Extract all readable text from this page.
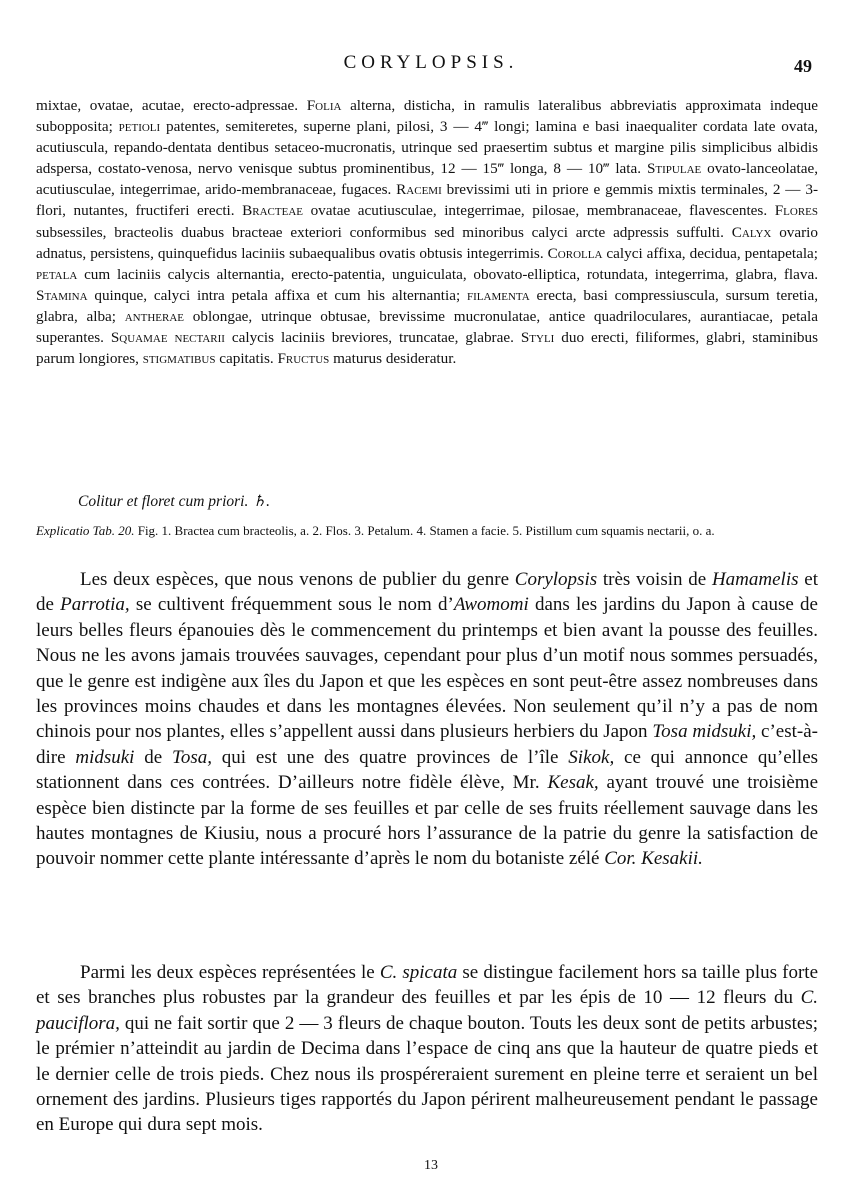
CORYLOPSIS.	49

mixtae, ovatae, acutae, erecto-adpressae. Folia alterna, disticha, in ramulis lateralibus abbreviatis approximata indeque subopposita; petioli patentes, semiteretes, superne plani, pilosi, 3 — 4‴ longi; lamina e basi inaequaliter cordata late ovata, acutiuscula, repando-dentata dentibus setaceo-mucronatis, utrinque sed praesertim subtus et margine pilis simplicibus albidis adspersa, costato-venosa, nervo venisque subtus prominentibus, 12 — 15‴ longa, 8 — 10‴ lata. Stipulae ovato-lanceolatae, acutiusculae, integerrimae, arido-membranaceae, fugaces. Racemi brevissimi uti in priore e gemmis mixtis terminales, 2 — 3-flori, nutantes, fructiferi erecti. Bracteae ovatae acutiusculae, integerrimae, pilosae, membranaceae, flavescentes. Flores subsessiles, bracteolis duabus bracteae exteriori conformibus sed minoribus calyci arcte adpressis suffulti. Calyx ovario adnatus, persistens, quinquefidus laciniis subaequalibus ovatis obtusis integerrimis. Corolla calyci affixa, decidua, pentapetala; petala cum laciniis calycis alternantia, erecto-patentia, unguiculata, obovato-elliptica, rotundata, integerrima, glabra, flava. Stamina quinque, calyci intra petala affixa et cum his alternantia; filamenta erecta, basi compressiuscula, sursum teretia, glabra, alba; antherae oblongae, utrinque obtusae, brevissime mucronulatae, antice quadriloculares, aurantiacae, petala superantes. Squamae nectarii calycis laciniis breviores, truncatae, glabrae. Styli duo erecti, filiformes, glabri, staminibus parum longiores, stigmatibus capitatis. Fructus maturus desideratur.

Colitur et floret cum priori. ♄.

Explicatio Tab. 20. Fig. 1. Bractea cum bracteolis, a. 2. Flos. 3. Petalum. 4. Stamen a facie. 5. Pistillum cum squamis nectarii, o. a.

Les deux espèces, que nous venons de publier du genre Corylopsis très voisin de Hamamelis et de Parrotia, se cultivent fréquemment sous le nom d’Awomomi dans les jardins du Japon à cause de leurs belles fleurs épanouies dès le commencement du printemps et bien avant la pousse des feuilles. Nous ne les avons jamais trouvées sauvages, cependant pour plus d’un motif nous sommes persuadés, que le genre est indigène aux îles du Japon et que les espèces en sont peut-être assez nombreuses dans les provinces moins chaudes et dans les montagnes élevées. Non seulement qu’il n’y a pas de nom chinois pour nos plantes, elles s’appellent aussi dans plusieurs herbiers du Japon Tosa midsuki, c’est-à-dire midsuki de Tosa, qui est une des quatre provinces de l’île Sikok, ce qui annonce qu’elles stationnent dans ces contrées. D’ailleurs notre fidèle élève, Mr. Kesak, ayant trouvé une troisième espèce bien distincte par la forme de ses feuilles et par celle de ses fruits réellement sauvage dans les hautes montagnes de Kiusiu, nous a procuré hors l’assurance de la patrie du genre la satisfaction de pouvoir nommer cette plante intéressante d’après le nom du botaniste zélé Cor. Kesakii.

Parmi les deux espèces représentées le C. spicata se distingue facilement hors sa taille plus forte et ses branches plus robustes par la grandeur des feuilles et par les épis de 10 — 12 fleurs du C. pauciflora, qui ne fait sortir que 2 — 3 fleurs de chaque bouton. Touts les deux sont de petits arbustes; le prémier n’atteindit au jardin de Decima dans l’espace de cinq ans que la hauteur de quatre pieds et le dernier celle de trois pieds. Chez nous ils prospéreraient surement en pleine terre et seraient un bel ornement des jardins. Plusieurs tiges rapportés du Japon périrent malheureusement pendant le passage en Europe qui dura sept mois.

13
